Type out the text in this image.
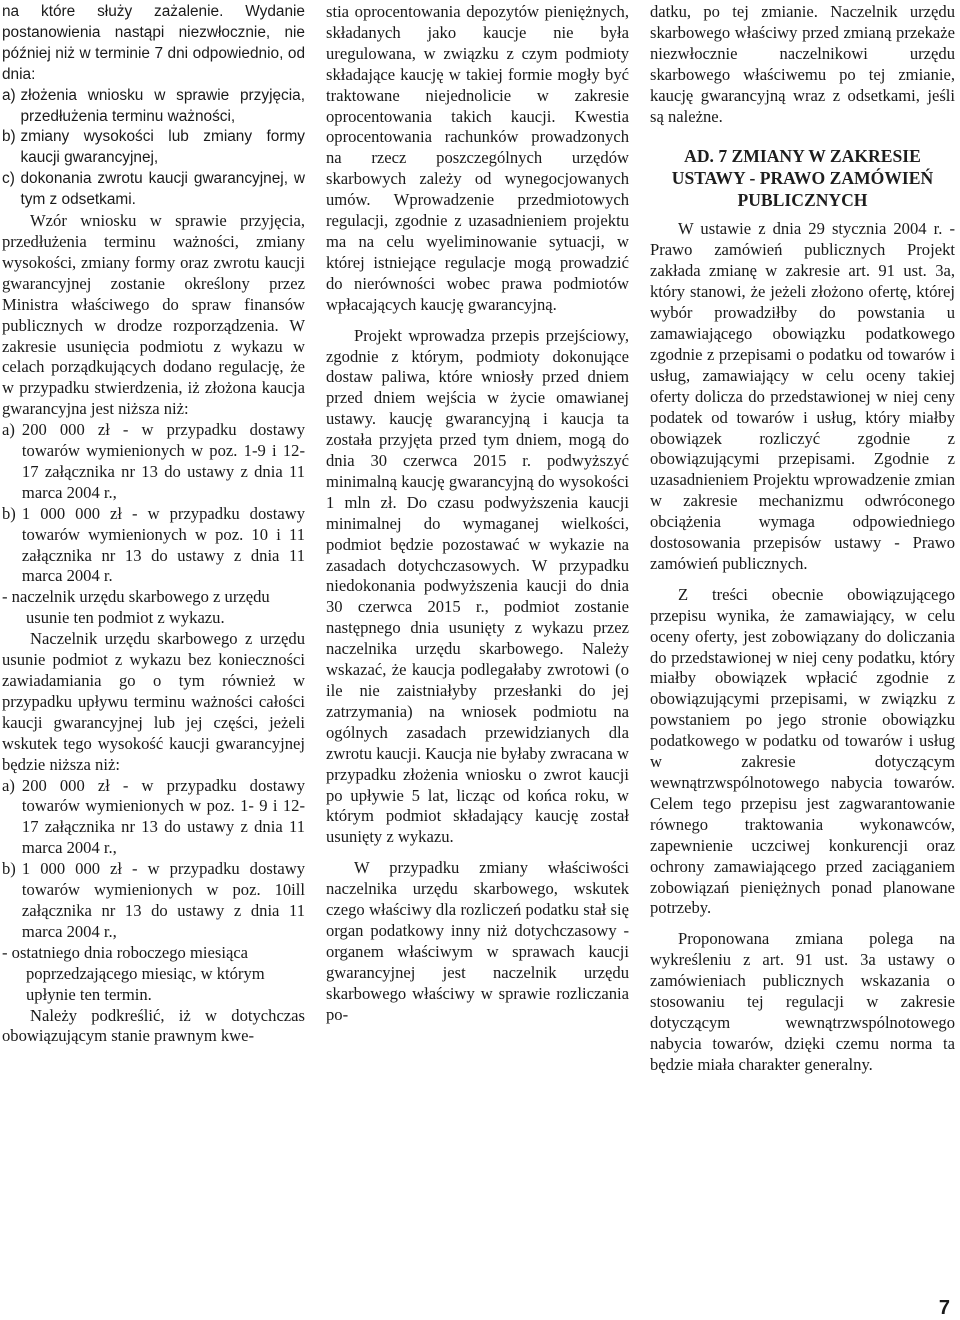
na które służy zażalenie. Wydanie postanowienia nastąpi niezwłocznie, nie później niż w terminie 7 dni odpowiednio, od dnia:

a) złożenia wniosku w sprawie przyjęcia, przedłużenia terminu ważności,
b) zmiany wysokości lub zmiany formy kaucji gwarancyjnej,
c) dokonania zwrotu kaucji gwarancyjnej, w tym z odsetkami.

Wzór wniosku w sprawie przyjęcia, przedłużenia terminu ważności, zmiany wysokości, zmiany formy oraz zwrotu kaucji gwarancyjnej zostanie określony przez Ministra właściwego do spraw finansów publicznych w drodze rozporządzenia. W zakresie usunięcia podmiotu z wykazu w celach porządkujących dodano regulację, że w przypadku stwierdzenia, iż złożona kaucja gwarancyjna jest niższa niż:

a) 200 000 zł - w przypadku dostawy towarów wymienionych w poz. 1-9 i 12-17 załącznika nr 13 do ustawy z dnia 11 marca 2004 r.,
b) 1 000 000 zł - w przypadku dostawy towarów wymienionych w poz. 10 i 11 załącznika nr 13 do ustawy z dnia 11 marca 2004 r.

- naczelnik urzędu skarbowego z urzędu usunie ten podmiot z wykazu.

Naczelnik urzędu skarbowego z urzędu usunie podmiot z wykazu bez konieczności zawiadamiania go o tym również w przypadku upływu terminu ważności całości kaucji gwarancyjnej lub jej części, jeżeli wskutek tego wysokość kaucji gwarancyjnej będzie niższa niż:

a) 200 000 zł - w przypadku dostawy towarów wymienionych w poz. 1- 9 i 12-17 załącznika nr 13 do ustawy z dnia 11 marca 2004 r.,
b) 1 000 000 zł - w przypadku dostawy towarów wymienionych w poz. 10ill załącznika nr 13 do ustawy z dnia 11 marca 2004 r.,

- ostatniego dnia roboczego miesiąca poprzedzającego miesiąc, w którym upłynie ten termin.

Należy podkreślić, iż w dotychczas obowiązującym stanie prawnym kwe-

stia oprocentowania depozytów pieniężnych, składanych jako kaucje nie była uregulowana, w związku z czym podmioty składające kaucję w takiej formie mogły być traktowane niejednolicie w zakresie oprocentowania takich kaucji. Kwestia oprocentowania rachunków prowadzonych na rzecz poszczególnych urzędów skarbowych zależy od wynegocjowanych umów. Wprowadzenie przedmiotowych regulacji, zgodnie z uzasadnieniem projektu ma na celu wyeliminowanie sytuacji, w której istniejące regulacje mogą prowadzić do nierówności wobec prawa podmiotów wpłacających kaucję gwarancyjną.

Projekt wprowadza przepis przejściowy, zgodnie z którym, podmioty dokonujące dostaw paliwa, które wniosły przed dniem przed dniem wejścia w życie omawianej ustawy. kaucję gwarancyjną i kaucja ta została przyjęta przed tym dniem, mogą do dnia 30 czerwca 2015 r. podwyższyć minimalną kaucję gwarancyjną do wysokości 1 mln zł. Do czasu podwyższenia kaucji minimalnej do wymaganej wielkości, podmiot będzie pozostawać w wykazie na zasadach dotychczasowych. W przypadku niedokonania podwyższenia kaucji do dnia 30 czerwca 2015 r., podmiot zostanie następnego dnia usunięty z wykazu przez naczelnika urzędu skarbowego. Należy wskazać, że kaucja podlegałaby zwrotowi (o ile nie zaistniałyby przesłanki do jej zatrzymania) na wniosek podmiotu na ogólnych zasadach przewidzianych dla zwrotu kaucji. Kaucja nie byłaby zwracana w przypadku złożenia wniosku o zwrot kaucji po upływie 5 lat, licząc od końca roku, w którym podmiot składający kaucję został usunięty z wykazu.

W przypadku zmiany właściwości naczelnika urzędu skarbowego, wskutek czego właściwy dla rozliczeń podatku stał się organ podatkowy inny niż dotychczasowy - organem właściwym w sprawach kaucji gwarancyjnej jest naczelnik urzędu skarbowego właściwy w sprawie rozliczania po-

datku, po tej zmianie. Naczelnik urzędu skarbowego właściwy przed zmianą przekaże niezwłocznie naczelnikowi urzędu skarbowego właściwemu po tej zmianie, kaucję gwarancyjną wraz z odsetkami, jeśli są należne.

AD. 7 ZMIANY W ZAKRESIE USTAWY - PRAWO ZAMÓWIEŃ PUBLICZNYCH

W ustawie z dnia 29 stycznia 2004 r. - Prawo zamówień publicznych Projekt zakłada zmianę w zakresie art. 91 ust. 3a, który stanowi, że jeżeli złożono ofertę, której wybór prowadziłby do powstania u zamawiającego obowiązku podatkowego zgodnie z przepisami o podatku od towarów i usług, zamawiający w celu oceny takiej oferty dolicza do przedstawionej w niej ceny podatek od towarów i usług, który miałby obowiązek rozliczyć zgodnie z obowiązującymi przepisami. Zgodnie z uzasadnieniem Projektu wprowadzenie zmian w zakresie mechanizmu odwróconego obciążenia wymaga odpowiedniego dostosowania przepisów ustawy - Prawo zamówień publicznych.

Z treści obecnie obowiązującego przepisu wynika, że zamawiający, w celu oceny oferty, jest zobowiązany do doliczania do przedstawionej w niej ceny podatku, który miałby obowiązek wpłacić zgodnie z obowiązującymi przepisami, w związku z powstaniem po jego stronie obowiązku podatkowego w podatku od towarów i usług w zakresie dotyczącym wewnątrzwspólnotowego nabycia towarów. Celem tego przepisu jest zagwarantowanie równego traktowania wykonawców, zapewnienie uczciwej konkurencji oraz ochrony zamawiającego przed zaciąganiem zobowiązań pieniężnych ponad planowane potrzeby.

Proponowana zmiana polega na wykreśleniu z art. 91 ust. 3a ustawy o zamówieniach publicznych wskazania o stosowaniu tej regulacji w zakresie dotyczącym wewnątrzwspólnotowego nabycia towarów, dzięki czemu norma ta będzie miała charakter generalny.

7
